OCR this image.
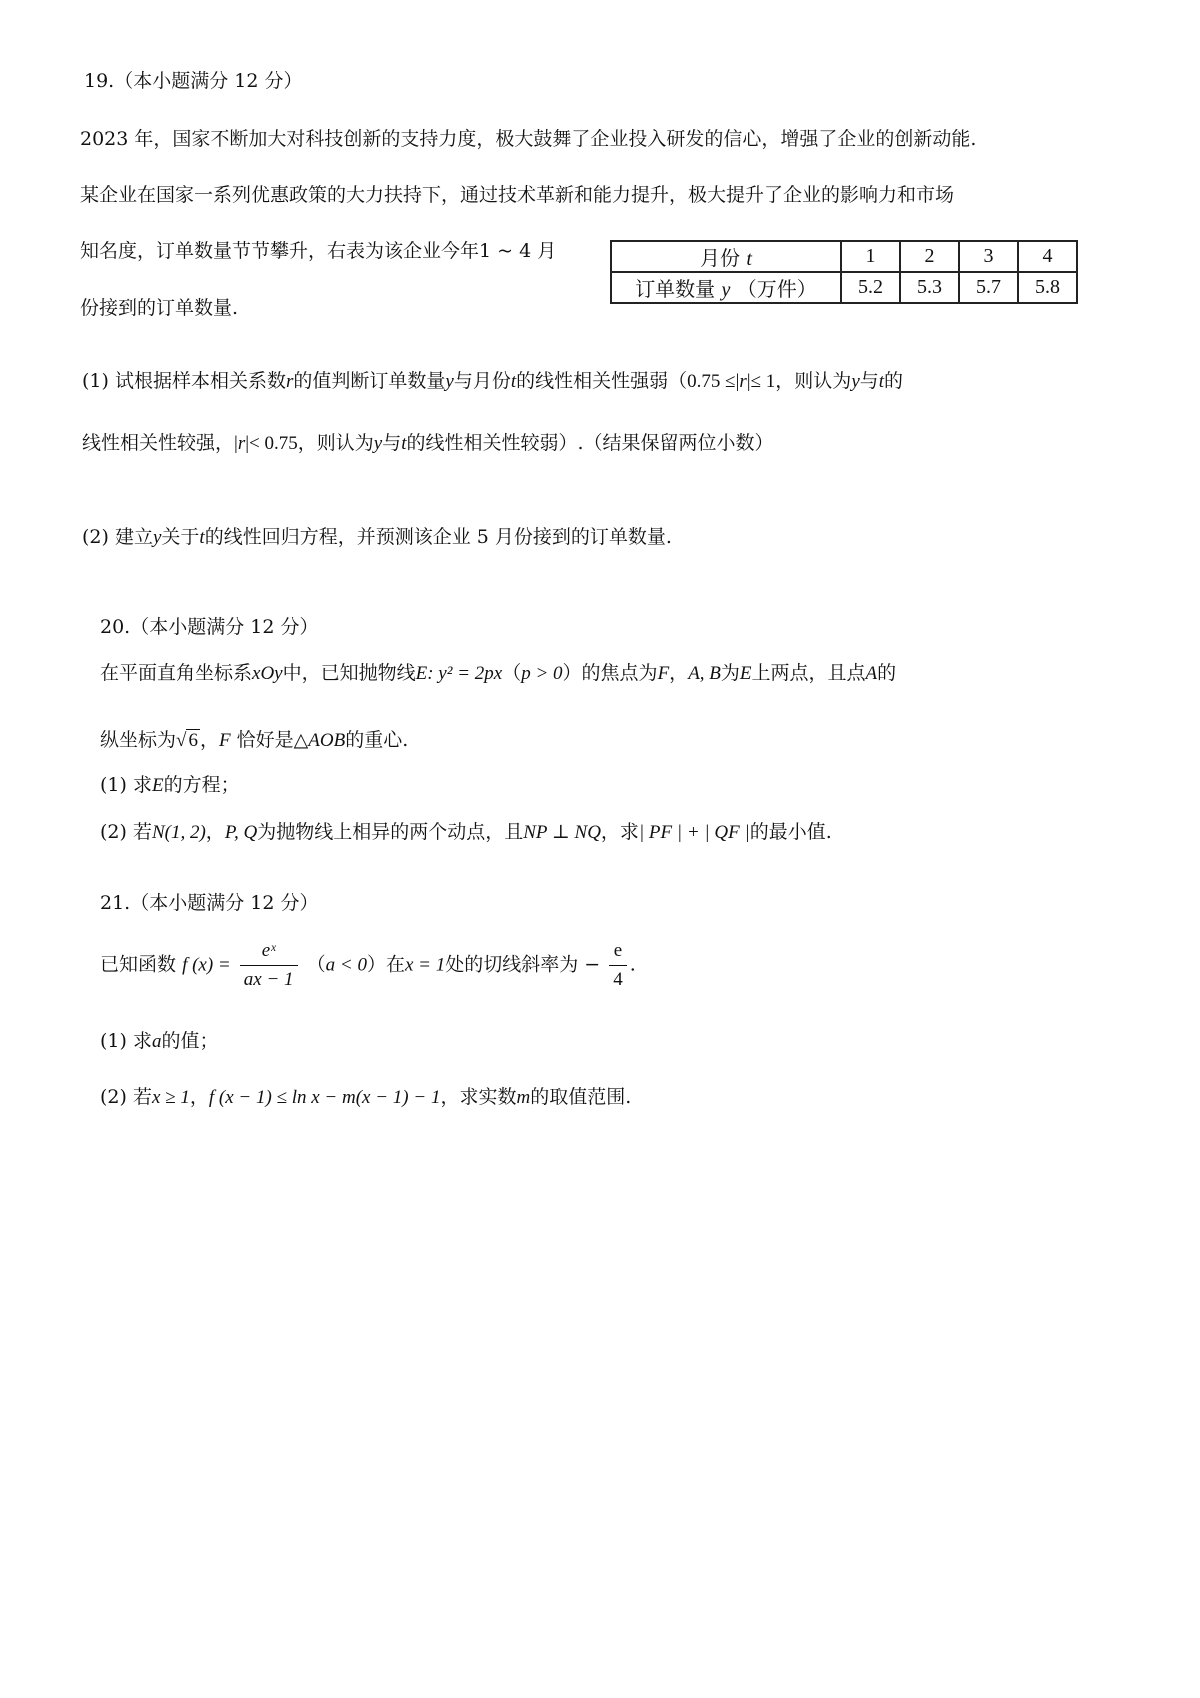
19.（本小题满分 12 分）
2023 年，国家不断加大对科技创新的支持力度，极大鼓舞了企业投入研发的信心，增强了企业的创新动能.
某企业在国家一系列优惠政策的大力扶持下，通过技术革新和能力提升，极大提升了企业的影响力和市场
知名度，订单数量节节攀升，右表为该企业今年1 ~ 4 月
份接到的订单数量.
月份 t	1	2	3	4
订单数量 y （万件）	5.2	5.3	5.7	5.8
(1) 试根据样本相关系数r的值判断订单数量y与月份t的线性相关性强弱（0.75 ≤|r|≤ 1，则认为y与t的
线性相关性较强，|r|< 0.75，则认为y与t的线性相关性较弱）.（结果保留两位小数）
(2) 建立y关于t的线性回归方程，并预测该企业 5 月份接到的订单数量.
20.（本小题满分 12 分）
在平面直角坐标系xOy中，已知抛物线E: y² = 2px（p > 0）的焦点为F，A, B为E上两点，且点A的
纵坐标为√ 6 ，F 恰好是△AOB的重心.
(1) 求E的方程；
(2) 若N(1, 2)，P, Q为抛物线上相异的两个动点，且NP ⊥ NQ，求| PF | + | QF |的最小值.
21.（本小题满分 12 分）
已知函数 f $(x) = \frac{\text{eˣ}}{ax - 1} (a < 0)$在x = 1处的切线斜率为 − $\frac{e}{4}$ .
(1) 求a的值；
(2) 若x ≥ 1，f (x − 1) ≤ ln x − m(x − 1) − 1，求实数m的取值范围.
